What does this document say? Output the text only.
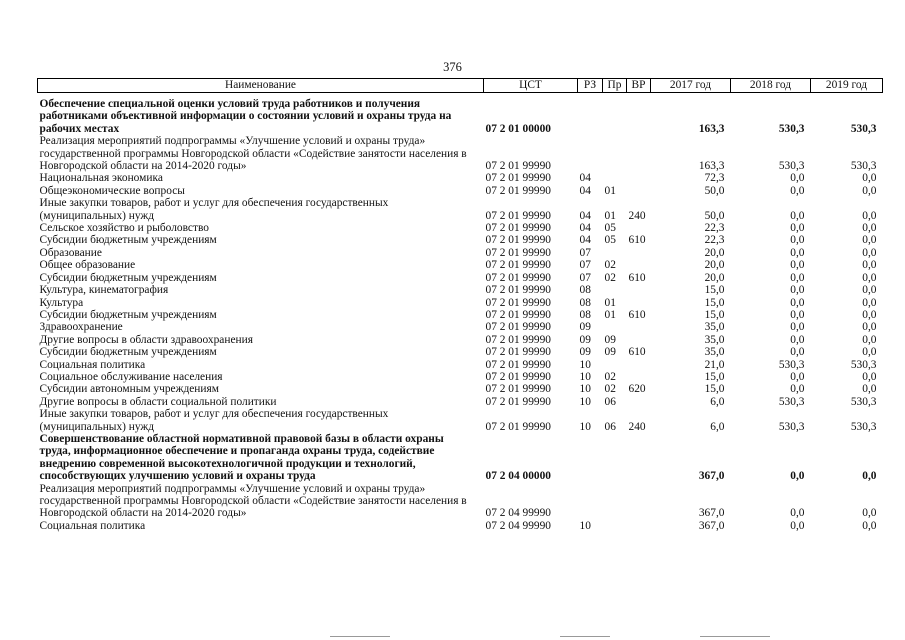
376
Наименование	ЦСТ	РЗ	Пр	ВР	2017 год	2018 год	2019 год
Обеспечение специальной оценки условий труда работников и получения работниками объективной информации о состоянии условий и охраны труда на рабочих местах	07 2 01 00000				163,3	530,3	530,3
Реализация мероприятий подпрограммы «Улучшение условий и охраны труда» государственной программы Новгородской области «Содействие занятости населения в Новгородской области на 2014-2020 годы»	07 2 01 99990				163,3	530,3	530,3
Национальная экономика	07 2 01 99990	04			72,3	0,0	0,0
Общеэкономические вопросы	07 2 01 99990	04	01		50,0	0,0	0,0
Иные закупки товаров, работ и услуг для обеспечения государственных (муниципальных) нужд	07 2 01 99990	04	01	240	50,0	0,0	0,0
Сельское хозяйство и рыболовство	07 2 01 99990	04	05		22,3	0,0	0,0
Субсидии бюджетным учреждениям	07 2 01 99990	04	05	610	22,3	0,0	0,0
Образование	07 2 01 99990	07			20,0	0,0	0,0
Общее образование	07 2 01 99990	07	02		20,0	0,0	0,0
Субсидии бюджетным учреждениям	07 2 01 99990	07	02	610	20,0	0,0	0,0
Культура, кинематография	07 2 01 99990	08			15,0	0,0	0,0
Культура	07 2 01 99990	08	01		15,0	0,0	0,0
Субсидии бюджетным учреждениям	07 2 01 99990	08	01	610	15,0	0,0	0,0
Здравоохранение	07 2 01 99990	09			35,0	0,0	0,0
Другие вопросы в области здравоохранения	07 2 01 99990	09	09		35,0	0,0	0,0
Субсидии бюджетным учреждениям	07 2 01 99990	09	09	610	35,0	0,0	0,0
Социальная политика	07 2 01 99990	10			21,0	530,3	530,3
Социальное обслуживание населения	07 2 01 99990	10	02		15,0	0,0	0,0
Субсидии автономным учреждениям	07 2 01 99990	10	02	620	15,0	0,0	0,0
Другие вопросы в области социальной политики	07 2 01 99990	10	06		6,0	530,3	530,3
Иные закупки товаров, работ и услуг для обеспечения государственных (муниципальных) нужд	07 2 01 99990	10	06	240	6,0	530,3	530,3
Совершенствование областной нормативной правовой базы в области охраны труда, информационное обеспечение и пропаганда охраны труда, содействие внедрению современной высокотехнологичной продукции и технологий, способствующих улучшению условий и охраны труда	07 2 04 00000				367,0	0,0	0,0
Реализация мероприятий подпрограммы «Улучшение условий и охраны труда» государственной программы Новгородской области «Содействие занятости населения в Новгородской области на 2014-2020 годы»	07 2 04 99990				367,0	0,0	0,0
Социальная политика	07 2 04 99990	10			367,0	0,0	0,0
